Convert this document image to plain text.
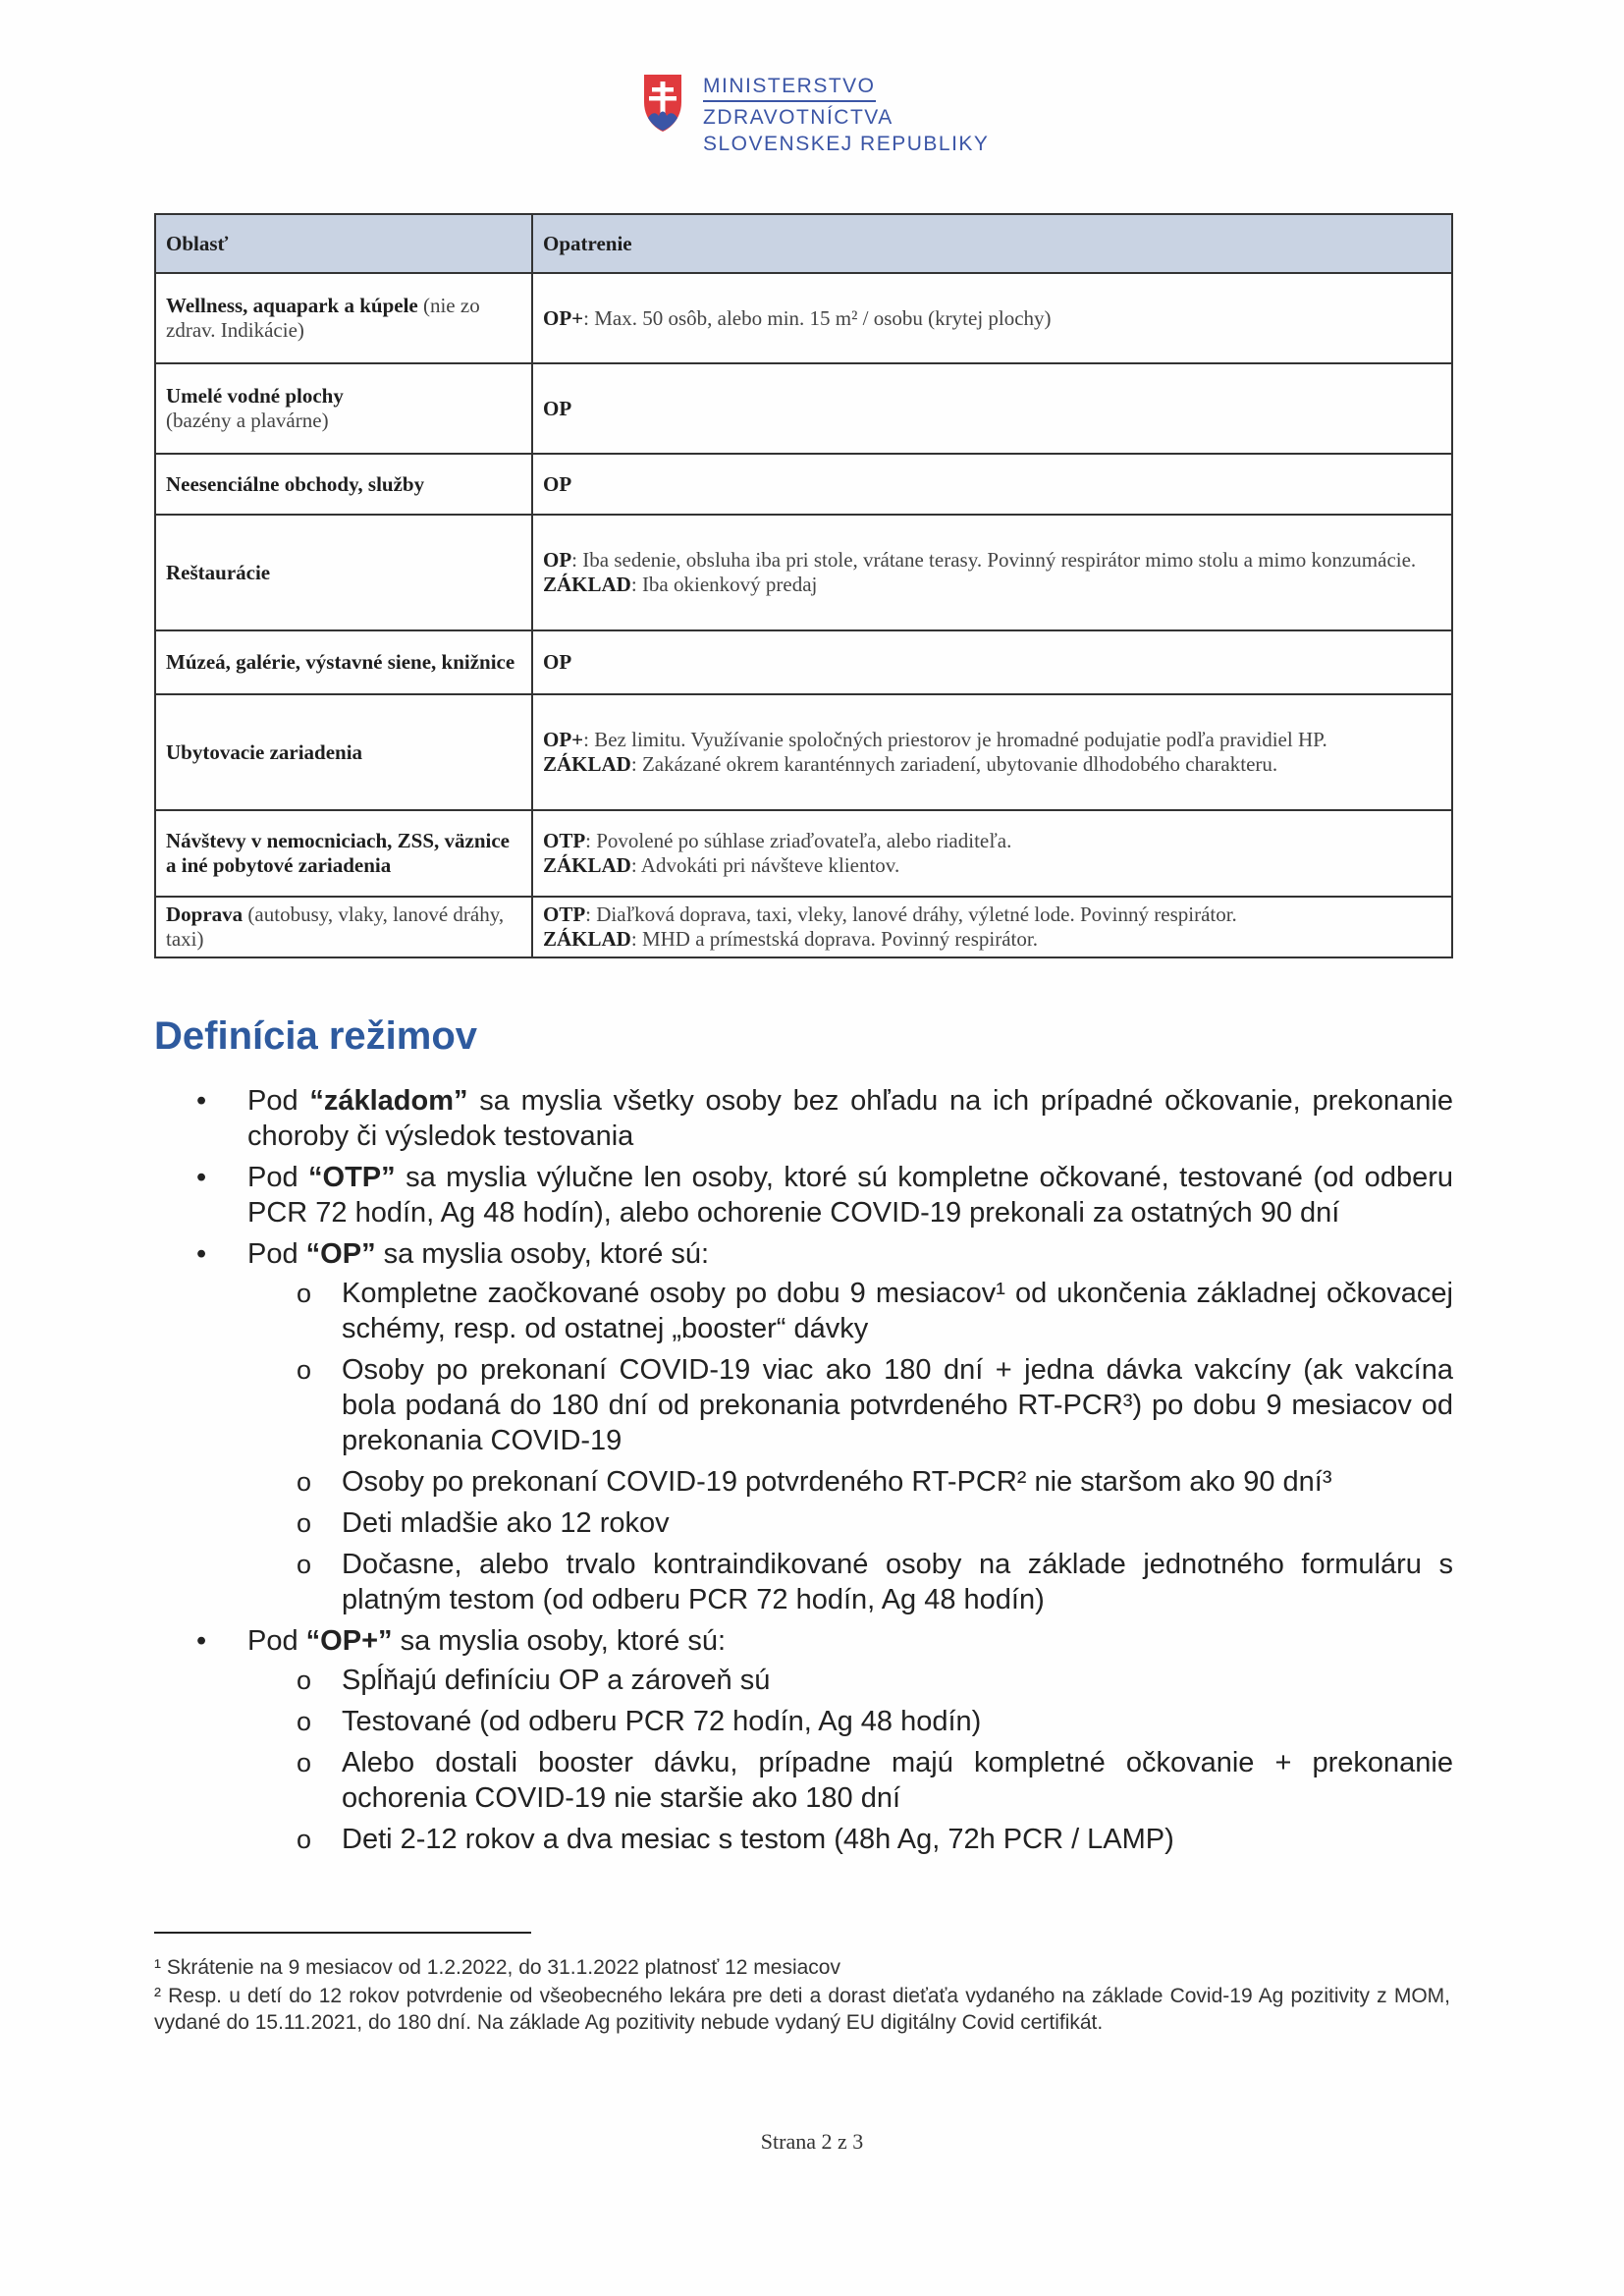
MINISTERSTVO
ZDRAVOTNÍCTVA
SLOVENSKEJ REPUBLIKY
Oblasť	Opatrenie
Wellness, aquapark a kúpele (nie zo zdrav. Indikácie)	OP+: Max. 50 osôb, alebo min. 15 m² / osobu (krytej plochy)
Umelé vodné plochy
(bazény a plavárne)	OP
Neesenciálne obchody, služby	OP
Reštaurácie	OP: Iba sedenie, obsluha iba pri stole, vrátane terasy. Povinný respirátor mimo stolu a mimo konzumácie.
ZÁKLAD: Iba okienkový predaj
Múzeá, galérie, výstavné siene, knižnice	OP
Ubytovacie zariadenia	OP+: Bez limitu. Využívanie spoločných priestorov je hromadné podujatie podľa pravidiel HP.
ZÁKLAD: Zakázané okrem karanténnych zariadení, ubytovanie dlhodobého charakteru.
Návštevy v nemocniciach, ZSS, väznice a iné pobytové zariadenia	OTP: Povolené po súhlase zriaďovateľa, alebo riaditeľa.
ZÁKLAD: Advokáti pri návšteve klientov.
Doprava (autobusy, vlaky, lanové dráhy, taxi)	OTP: Diaľková doprava, taxi, vleky, lanové dráhy, výletné lode. Povinný respirátor.
ZÁKLAD: MHD a prímestská doprava. Povinný respirátor.
Definícia režimov
• Pod “základom” sa myslia všetky osoby bez ohľadu na ich prípadné očkovanie, prekonanie choroby či výsledok testovania
• Pod “OTP” sa myslia výlučne len osoby, ktoré sú kompletne očkované, testované (od odberu PCR 72 hodín, Ag 48 hodín), alebo ochorenie COVID-19 prekonali za ostatných 90 dní
• Pod “OP” sa myslia osoby, ktoré sú:
o Kompletne zaočkované osoby po dobu 9 mesiacov¹ od ukončenia základnej očkovacej schémy, resp. od ostatnej „booster“ dávky
o Osoby po prekonaní COVID-19 viac ako 180 dní + jedna dávka vakcíny (ak vakcína bola podaná do 180 dní od prekonania potvrdeného RT-PCR³) po dobu 9 mesiacov od prekonania COVID-19
o Osoby po prekonaní COVID-19 potvrdeného RT-PCR² nie staršom ako 90 dní³
o Deti mladšie ako 12 rokov
o Dočasne, alebo trvalo kontraindikované osoby na základe jednotného formuláru s platným testom (od odberu PCR 72 hodín, Ag 48 hodín)
• Pod “OP+” sa myslia osoby, ktoré sú:
o Spĺňajú definíciu OP a zároveň sú
o Testované (od odberu PCR 72 hodín, Ag 48 hodín)
o Alebo dostali booster dávku, prípadne majú kompletné očkovanie + prekonanie ochorenia COVID-19 nie staršie ako 180 dní
o Deti 2-12 rokov a dva mesiac s testom (48h Ag, 72h PCR / LAMP)

¹ Skrátenie na 9 mesiacov od 1.2.2022, do 31.1.2022 platnosť 12 mesiacov

² Resp. u detí do 12 rokov potvrdenie od všeobecného lekára pre deti a dorast dieťaťa vydaného na základe Covid-19 Ag pozitivity z MOM, vydané do 15.11.2021, do 180 dní. Na základe Ag pozitivity nebude vydaný EU digitálny Covid certifikát.

Strana 2 z 3
